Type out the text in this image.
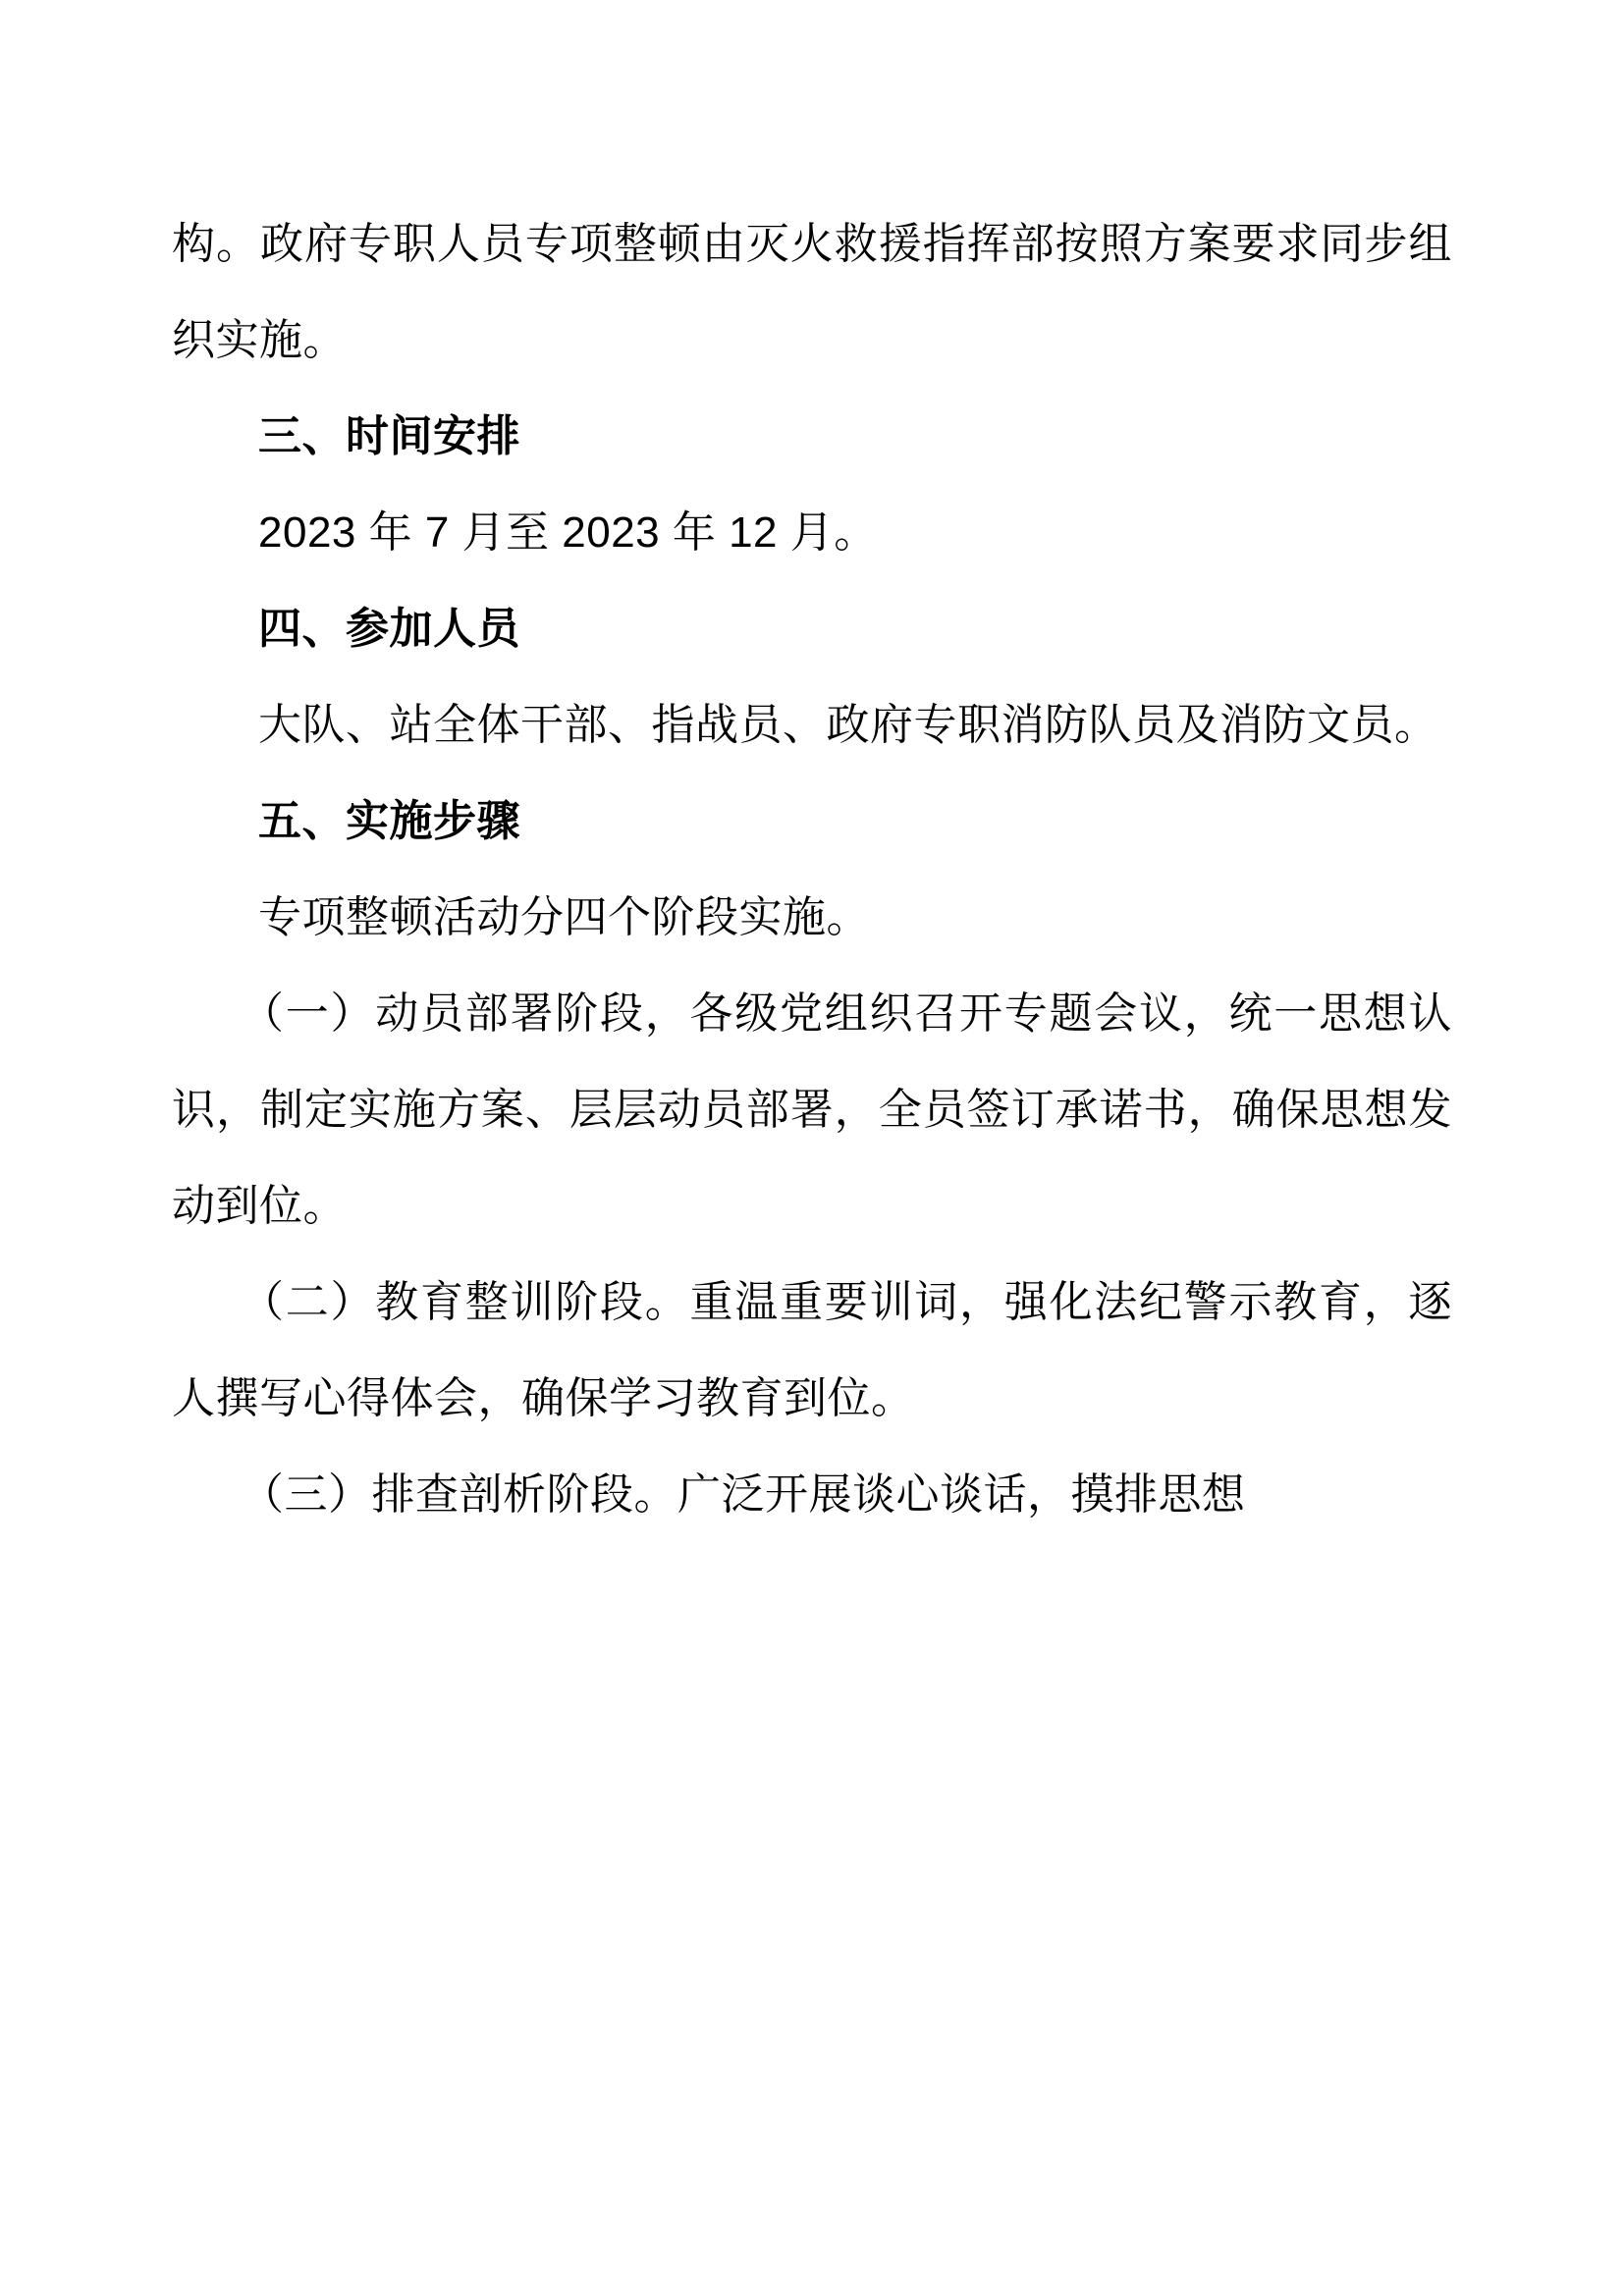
构。政府专职人员专项整顿由灭火救援指挥部按照方案要求同步组织实施。

三、时间安排

2023 年 7 月至 2023 年 12 月。

四、参加人员

大队、站全体干部、指战员、政府专职消防队员及消防文员。

五、实施步骤

专项整顿活动分四个阶段实施。

（一）动员部署阶段，各级党组织召开专题会议，统一思想认识，制定实施方案、层层动员部署，全员签订承诺书，确保思想发动到位。

（二）教育整训阶段。重温重要训词，强化法纪警示教育，逐人撰写心得体会，确保学习教育到位。

（三）排查剖析阶段。广泛开展谈心谈话，摸排思想
